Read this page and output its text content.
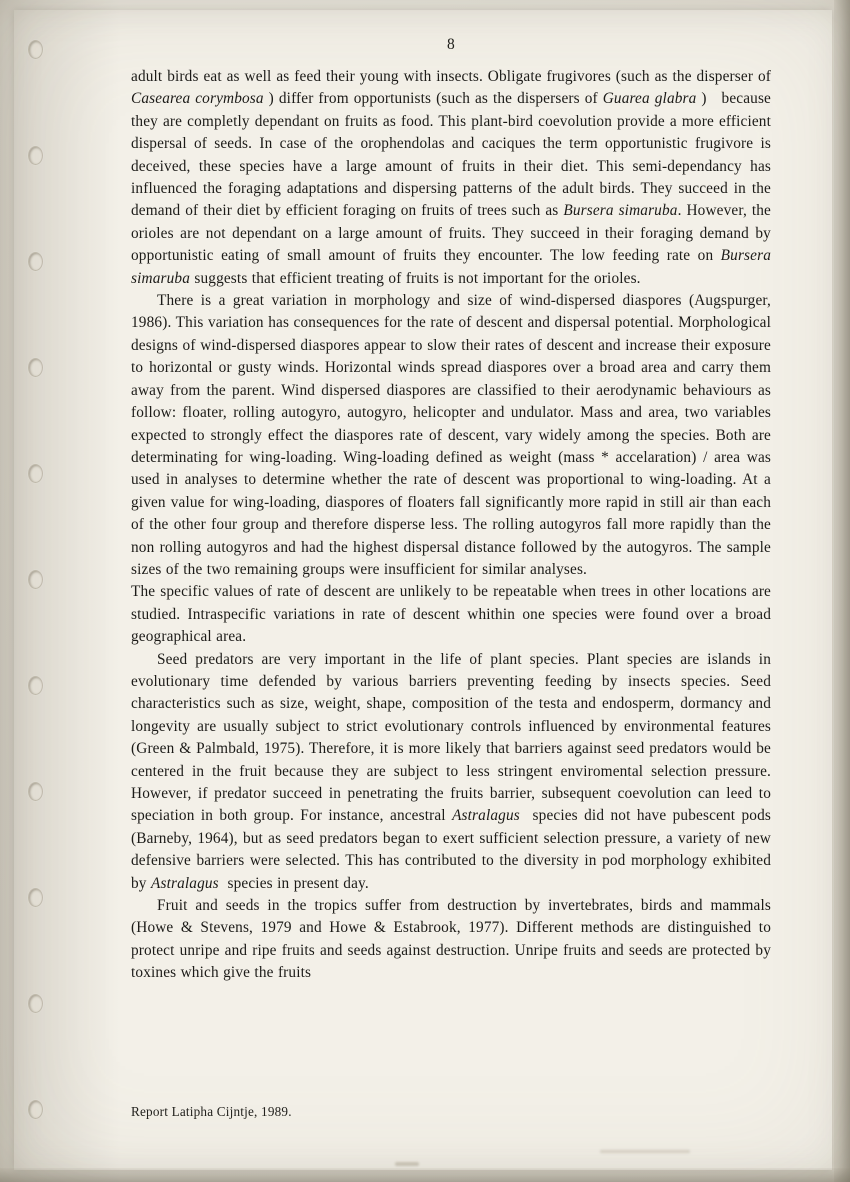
8

adult birds eat as well as feed their young with insects. Obligate frugivores (such as the disperser of Casearea corymbosa ) differ from opportunists (such as the dispersers of Guarea glabra )   because they are completly dependant on fruits as food. This plant-bird coevolution provide a more efficient dispersal of seeds. In case of the orophendolas and caciques the term opportunistic frugivore is deceived, these species have a large amount of fruits in their diet. This semi-dependancy has influenced the foraging adaptations and dispersing patterns of the adult birds. They succeed in the demand of their diet by efficient foraging on fruits of trees such as Bursera simaruba. However, the orioles are not dependant on a large amount of fruits. They succeed in their foraging demand by opportunistic eating of small amount of fruits they encounter. The low feeding rate on Bursera simaruba suggests that efficient treating of fruits is not important for the orioles.

There is a great variation in morphology and size of wind-dispersed diaspores (Augspurger, 1986). This variation has consequences for the rate of descent and dispersal potential. Morphological designs of wind-dispersed diaspores appear to slow their rates of descent and increase their exposure to horizontal or gusty winds. Horizontal winds spread diaspores over a broad area and carry them away from the parent. Wind dispersed diaspores are classified to their aerodynamic behaviours as follow: floater, rolling autogyro, autogyro, helicopter and undulator. Mass and area, two variables expected to strongly effect the diaspores rate of descent, vary widely among the species. Both are determinating for wing-loading. Wing-loading defined as weight (mass * accelaration) / area was used in analyses to determine whether the rate of descent was proportional to wing-loading. At a given value for wing-loading, diaspores of floaters fall significantly more rapid in still air than each of the other four group and therefore disperse less. The rolling autogyros fall more rapidly than the non rolling autogyros and had the highest dispersal distance followed by the autogyros. The sample sizes of the two remaining groups were insufficient for similar analyses.

The specific values of rate of descent are unlikely to be repeatable when trees in other locations are studied. Intraspecific variations in rate of descent whithin one species were found over a broad geographical area.

Seed predators are very important in the life of plant species. Plant species are islands in evolutionary time defended by various barriers preventing feeding by insects species. Seed characteristics such as size, weight, shape, composition of the testa and endosperm, dormancy and longevity are usually subject to strict evolutionary controls influenced by environmental features (Green & Palmbald, 1975). Therefore, it is more likely that barriers against seed predators would be centered in the fruit because they are subject to less stringent enviromental selection pressure. However, if predator succeed in penetrating the fruits barrier, subsequent coevolution can leed to speciation in both group. For instance, ancestral Astralagus  species did not have pubescent pods (Barneby, 1964), but as seed predators began to exert sufficient selection pressure, a variety of new defensive barriers were selected. This has contributed to the diversity in pod morphology exhibited by Astralagus  species in present day.

Fruit and seeds in the tropics suffer from destruction by invertebrates, birds and mammals (Howe & Stevens, 1979 and Howe & Estabrook, 1977). Different methods are distinguished to protect unripe and ripe fruits and seeds against destruction. Unripe fruits and seeds are protected by toxines which give the fruits

Report Latipha Cijntje, 1989.
